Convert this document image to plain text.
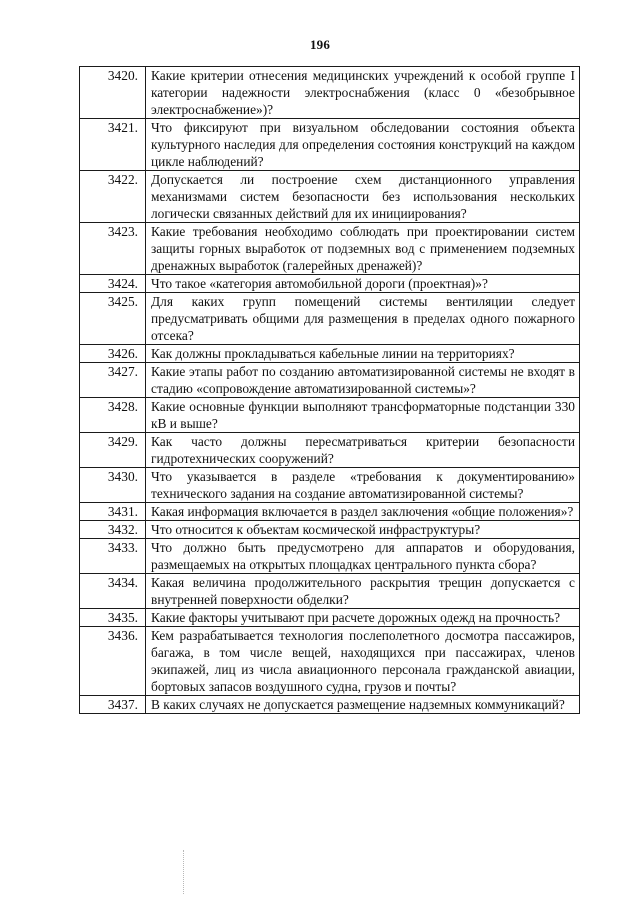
196
3420.	Какие критерии отнесения медицинских учреждений к особой группе I категории надежности электроснабжения (класс 0 «безобрывное электроснабжение»)?
3421.	Что фиксируют при визуальном обследовании состояния объекта культурного наследия для определения состояния конструкций на каждом цикле наблюдений?
3422.	Допускается ли построение схем дистанционного управления механизмами систем безопасности без использования нескольких логически связанных действий для их инициирования?
3423.	Какие требования необходимо соблюдать при проектировании систем защиты горных выработок от подземных вод с применением подземных дренажных выработок (галерейных дренажей)?
3424.	Что такое «категория автомобильной дороги (проектная)»?
3425.	Для каких групп помещений системы вентиляции следует предусматривать общими для размещения в пределах одного пожарного отсека?
3426.	Как должны прокладываться кабельные линии на территориях?
3427.	Какие этапы работ по созданию автоматизированной системы не входят в стадию «сопровождение автоматизированной системы»?
3428.	Какие основные функции выполняют трансформаторные подстанции 330 кВ и выше?
3429.	Как часто должны пересматриваться критерии безопасности гидротехнических сооружений?
3430.	Что указывается в разделе «требования к документированию» технического задания на создание автоматизированной системы?
3431.	Какая информация включается в раздел заключения «общие положения»?
3432.	Что относится к объектам космической инфраструктуры?
3433.	Что должно быть предусмотрено для аппаратов и оборудования, размещаемых на открытых площадках центрального пункта сбора?
3434.	Какая величина продолжительного раскрытия трещин допускается с внутренней поверхности обделки?
3435.	Какие факторы учитывают при расчете дорожных одежд на прочность?
3436.	Кем разрабатывается технология послеполетного досмотра пассажиров, багажа, в том числе вещей, находящихся при пассажирах, членов экипажей, лиц из числа авиационного персонала гражданской авиации, бортовых запасов воздушного судна, грузов и почты?
3437.	В каких случаях не допускается размещение надземных коммуникаций?
